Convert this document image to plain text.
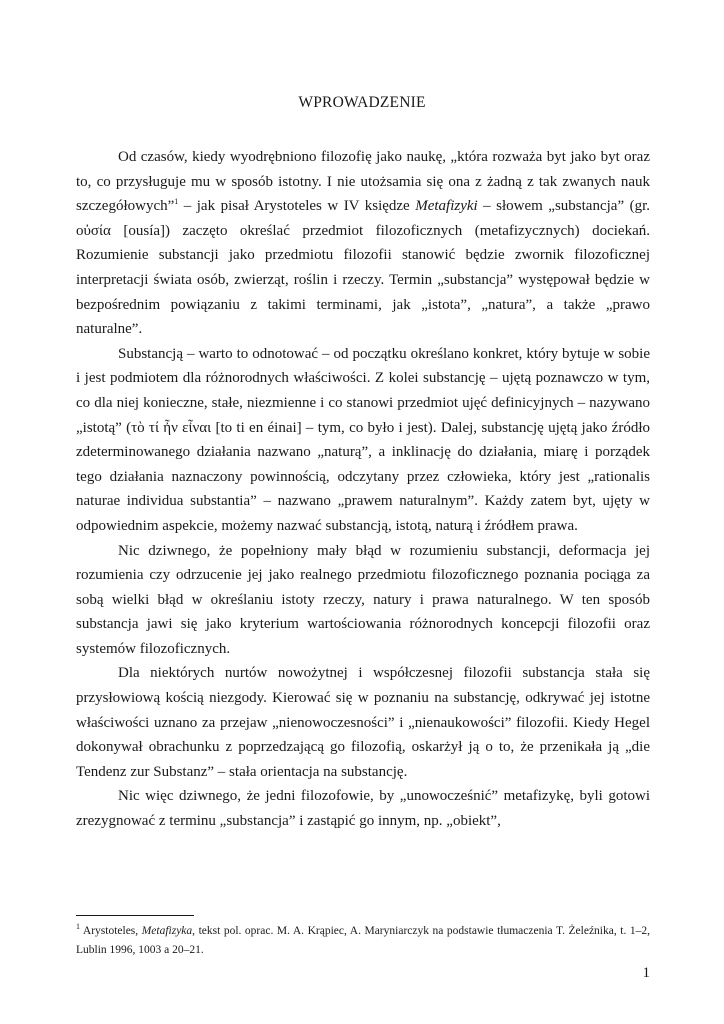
WPROWADZENIE

Od czasów, kiedy wyodrębniono filozofię jako naukę, „która rozważa byt jako byt oraz to, co przysługuje mu w sposób istotny. I nie utożsamia się ona z żadną z tak zwanych nauk szczegółowych”$^1$ – jak pisał Arystoteles w IV księdze Metafizyki – słowem „substancja” (gr. οὐσία [ousía]) zaczęto określać przedmiot filozoficznych (metafizycznych) dociekań. Rozumienie substancji jako przedmiotu filozofii stanowić będzie zwornik filozoficznej interpretacji świata osób, zwierząt, roślin i rzeczy. Termin „substancja” występował będzie w bezpośrednim powiązaniu z takimi terminami, jak „istota”, „natura”, a także „prawo naturalne”.

Substancją – warto to odnotować – od początku określano konkret, który bytuje w sobie i jest podmiotem dla różnorodnych właściwości. Z kolei substancję – ujętą poznawczo w tym, co dla niej konieczne, stałe, niezmienne i co stanowi przedmiot ujęć definicyjnych – nazywano „istotą” (τὸ τί ἦν εἶναι [to ti en éinai] – tym, co było i jest). Dalej, substancję ujętą jako źródło zdeterminowanego działania nazwano „naturą”, a inklinację do działania, miarę i porządek tego działania naznaczony powinnością, odczytany przez człowieka, który jest „rationalis naturae individua substantia” – nazwano „prawem naturalnym”. Każdy zatem byt, ujęty w odpowiednim aspekcie, możemy nazwać substancją, istotą, naturą i źródłem prawa.

Nic dziwnego, że popełniony mały błąd w rozumieniu substancji, deformacja jej rozumienia czy odrzucenie jej jako realnego przedmiotu filozoficznego poznania pociąga za sobą wielki błąd w określaniu istoty rzeczy, natury i prawa naturalnego. W ten sposób substancja jawi się jako kryterium wartościowania różnorodnych koncepcji filozofii oraz systemów filozoficznych.

Dla niektórych nurtów nowożytnej i współczesnej filozofii substancja stała się przysłowiową kością niezgody. Kierować się w poznaniu na substancję, odkrywać jej istotne właściwości uznano za przejaw „nienowoczesności” i „nienaukowości” filozofii. Kiedy Hegel dokonywał obrachunku z poprzedzającą go filozofią, oskarżył ją o to, że przenikała ją „die Tendenz zur Substanz” – stała orientacja na substancję.

Nic więc dziwnego, że jedni filozofowie, by „unowocześnić” metafizykę, byli gotowi zrezygnować z terminu „substancja” i zastąpić go innym, np. „obiekt”,

$^1$ Arystoteles, Metafizyka, tekst pol. oprac. M. A. Krąpiec, A. Maryniarczyk na podstawie tłumaczenia T. Żeleźnika, t. 1–2, Lublin 1996, 1003 a 20–21.
1
